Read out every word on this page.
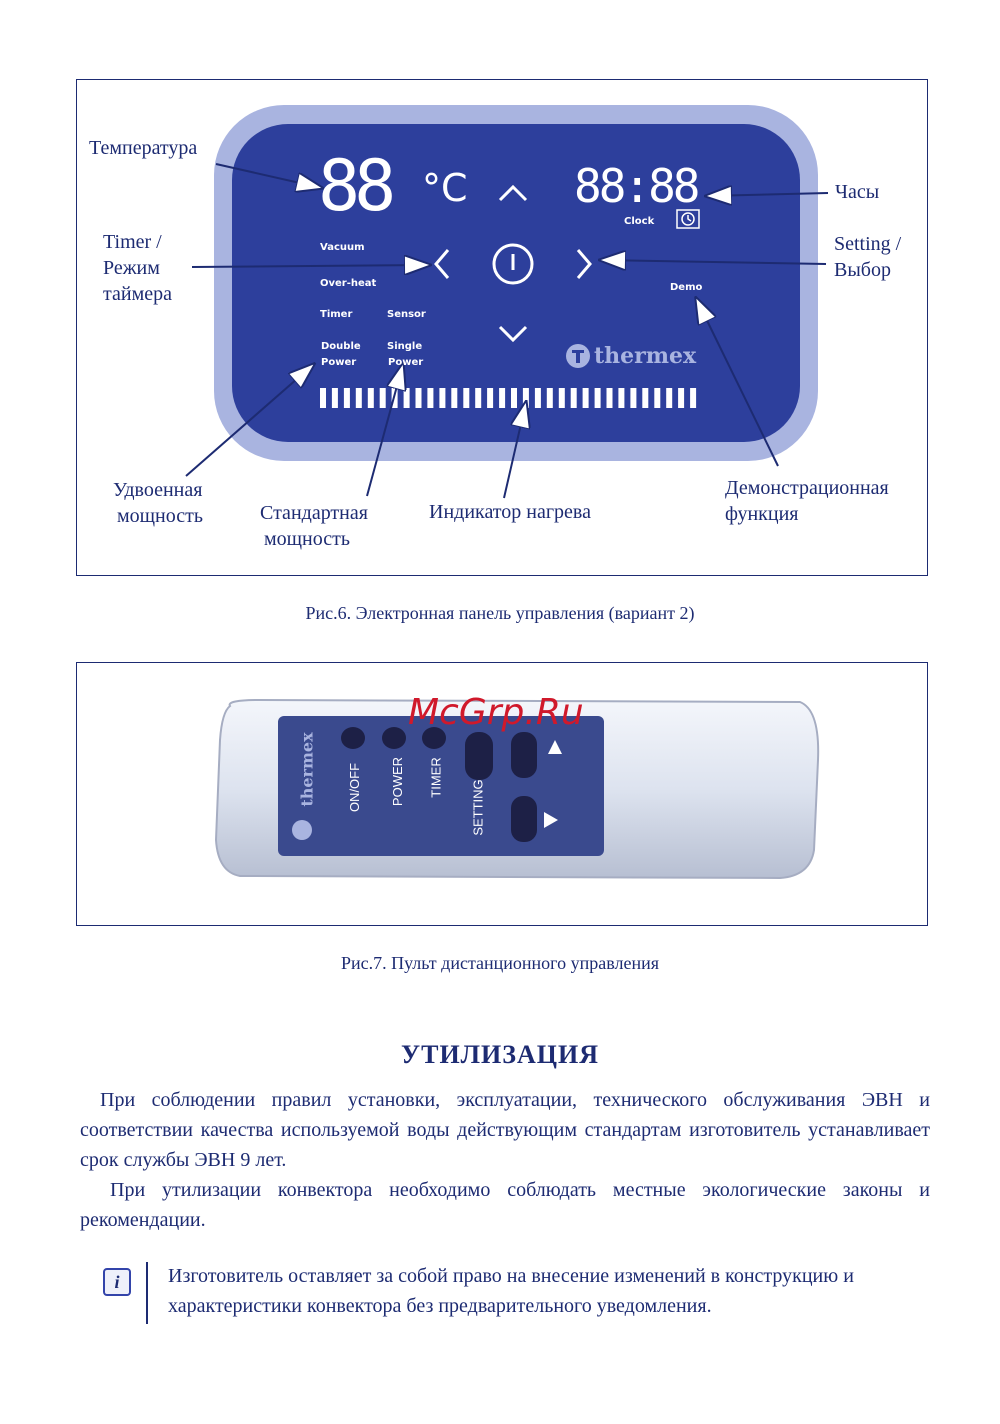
88 °C 88:88
Clock
Vacuum
Over-heat
Timer	Sensor
Double
Power
Single
Power
Demo
thermex
Температура
Timer /
Режим
таймера
Часы
Setting /
Выбор
Удвоенная
мощность	Стандартная
мощность
Индикатор нагрева
Демонстрационная
функция
Рис.6. Электронная панель управления (вариант 2)
thermex ON/OFF POWER TIMER
SETTING
McGrp.Ru
Рис.7. Пульт дистанционного управления
УТИЛИЗАЦИЯ
При соблюдении правил установки, эксплуатации, технического обслуживания ЭВН и соответствии качества используемой воды действующим стандартам изготовитель устанавливает срок службы ЭВН 9 лет.
При утилизации конвектора необходимо соблюдать местные экологические законы и рекомендации.
i	Изготовитель оставляет за собой право на внесение изменений в конструкцию и характеристики конвектора без предварительного уведомления.
